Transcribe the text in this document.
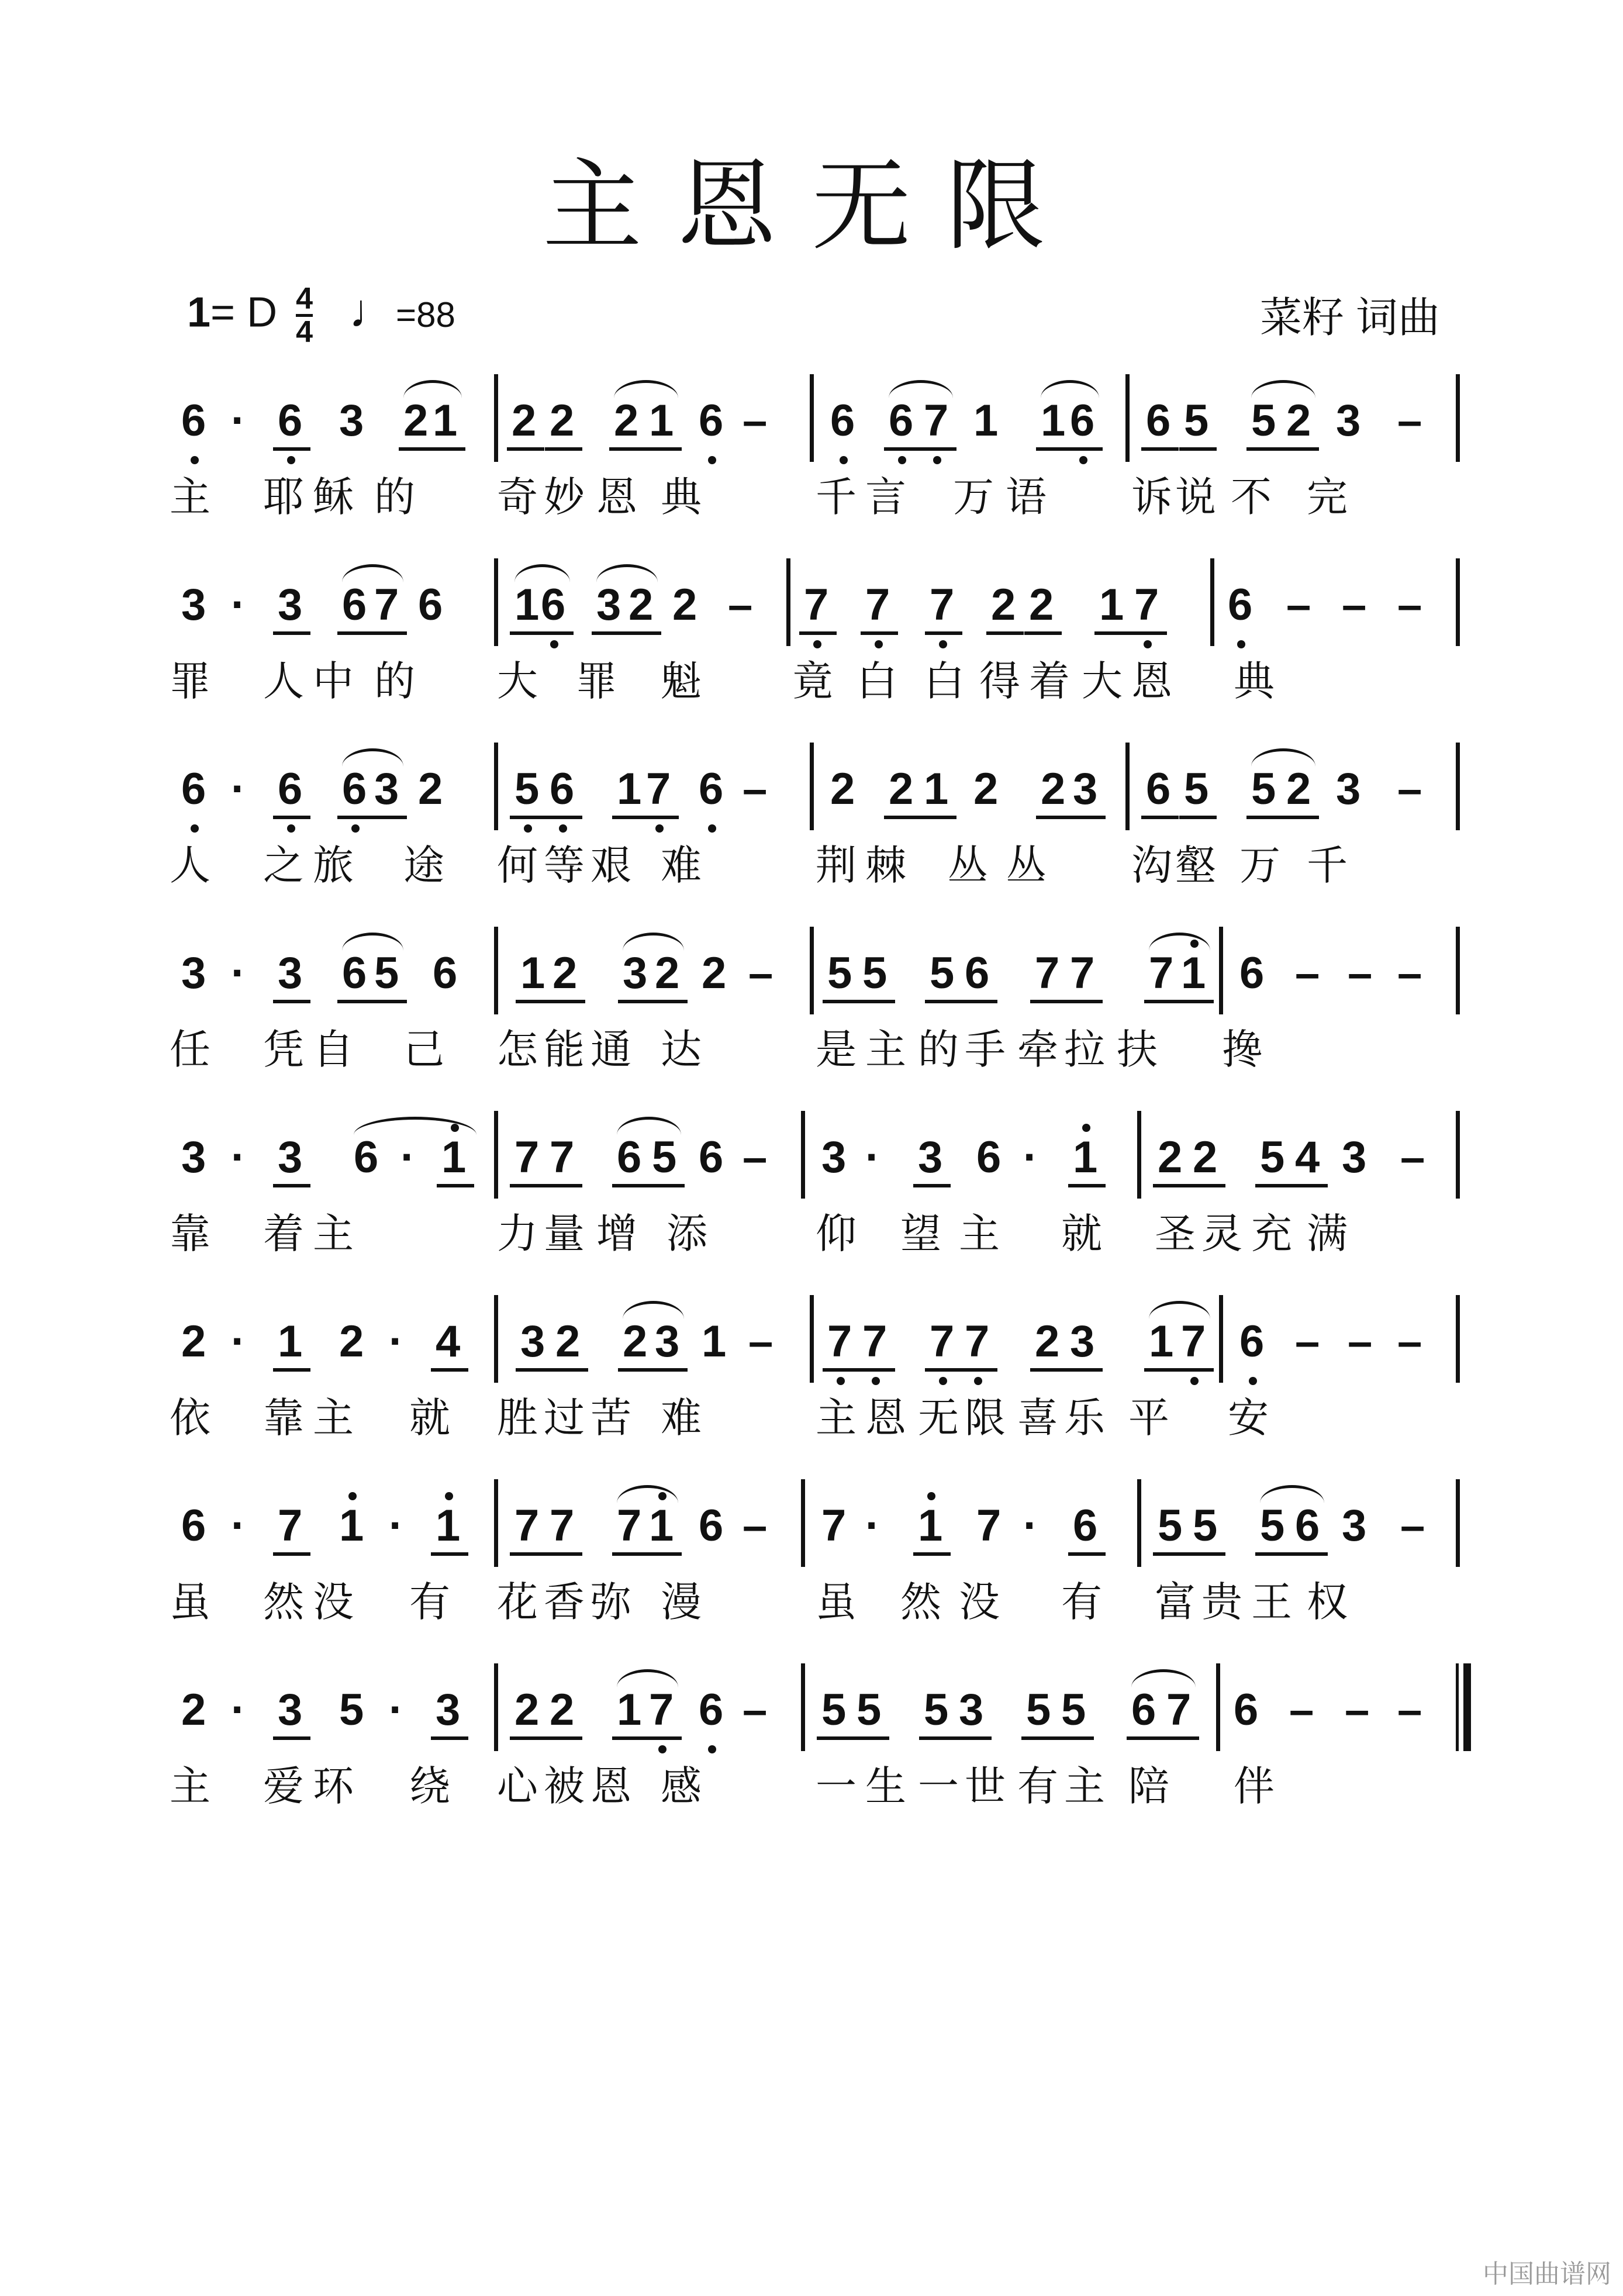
主恩无限
1= D $\frac{4}{4}$ ♩=88	菜籽 词曲
6 · 6 3 2 1 2 2 2 1 6 – 6 6 7 1 1 6 6 5 5 2 3 –
主 耶 稣 的 奇 妙 恩 典	千 言 万 语 诉 说 不 完
3 · 3 6 7 6 1 6 3 2 2 – 7 7 7 2 2 1 7 6 – – –
罪 人 中 的 大 罪 魁 竟 白 白 得 着 大 恩 典
6 · 6 6 3 2 5 6 1 7 6 – 2 2 1 2 2 3 6 5 5 2 3 –
人 之 旅 途 何 等 艰 难	荆 棘 丛 丛 沟 壑 万 千
3 · 3 6 5 6 1 2 3 2 2 – 5 5 5 6 7 7 7 1 6 – – –
任 凭 自 己 怎 能 通 达	是 主 的 手 牵 拉 扶 搀
3 · 3 6 · 1 7 7 6 5 6 – 3 · 3 6 · 1 2 2 5 4 3 –
靠 着 主	力 量 增 添	仰 望 主 就 圣 灵 充 满
2 · 1 2 · 4 3 2 2 3 1 – 7 7 7 7 2 3 1 7 6 – – –
依 靠 主 就 胜 过 苦 难	主 恩 无 限 喜 乐 平 安
6 · 7 1 · 1 7 7 7 1 6 – 7 · 1 7 · 6 5 5 5 6 3 –
虽 然 没 有 花 香 弥 漫	虽 然 没 有 富 贵 王 权
2 · 3 5 · 3 2 2 1 7 6 – 5 5 5 3 5 5 6 7 6 – – –
主 爱 环 绕 心 被 恩 感	一 生 一 世 有 主 陪 伴
中国曲谱网
